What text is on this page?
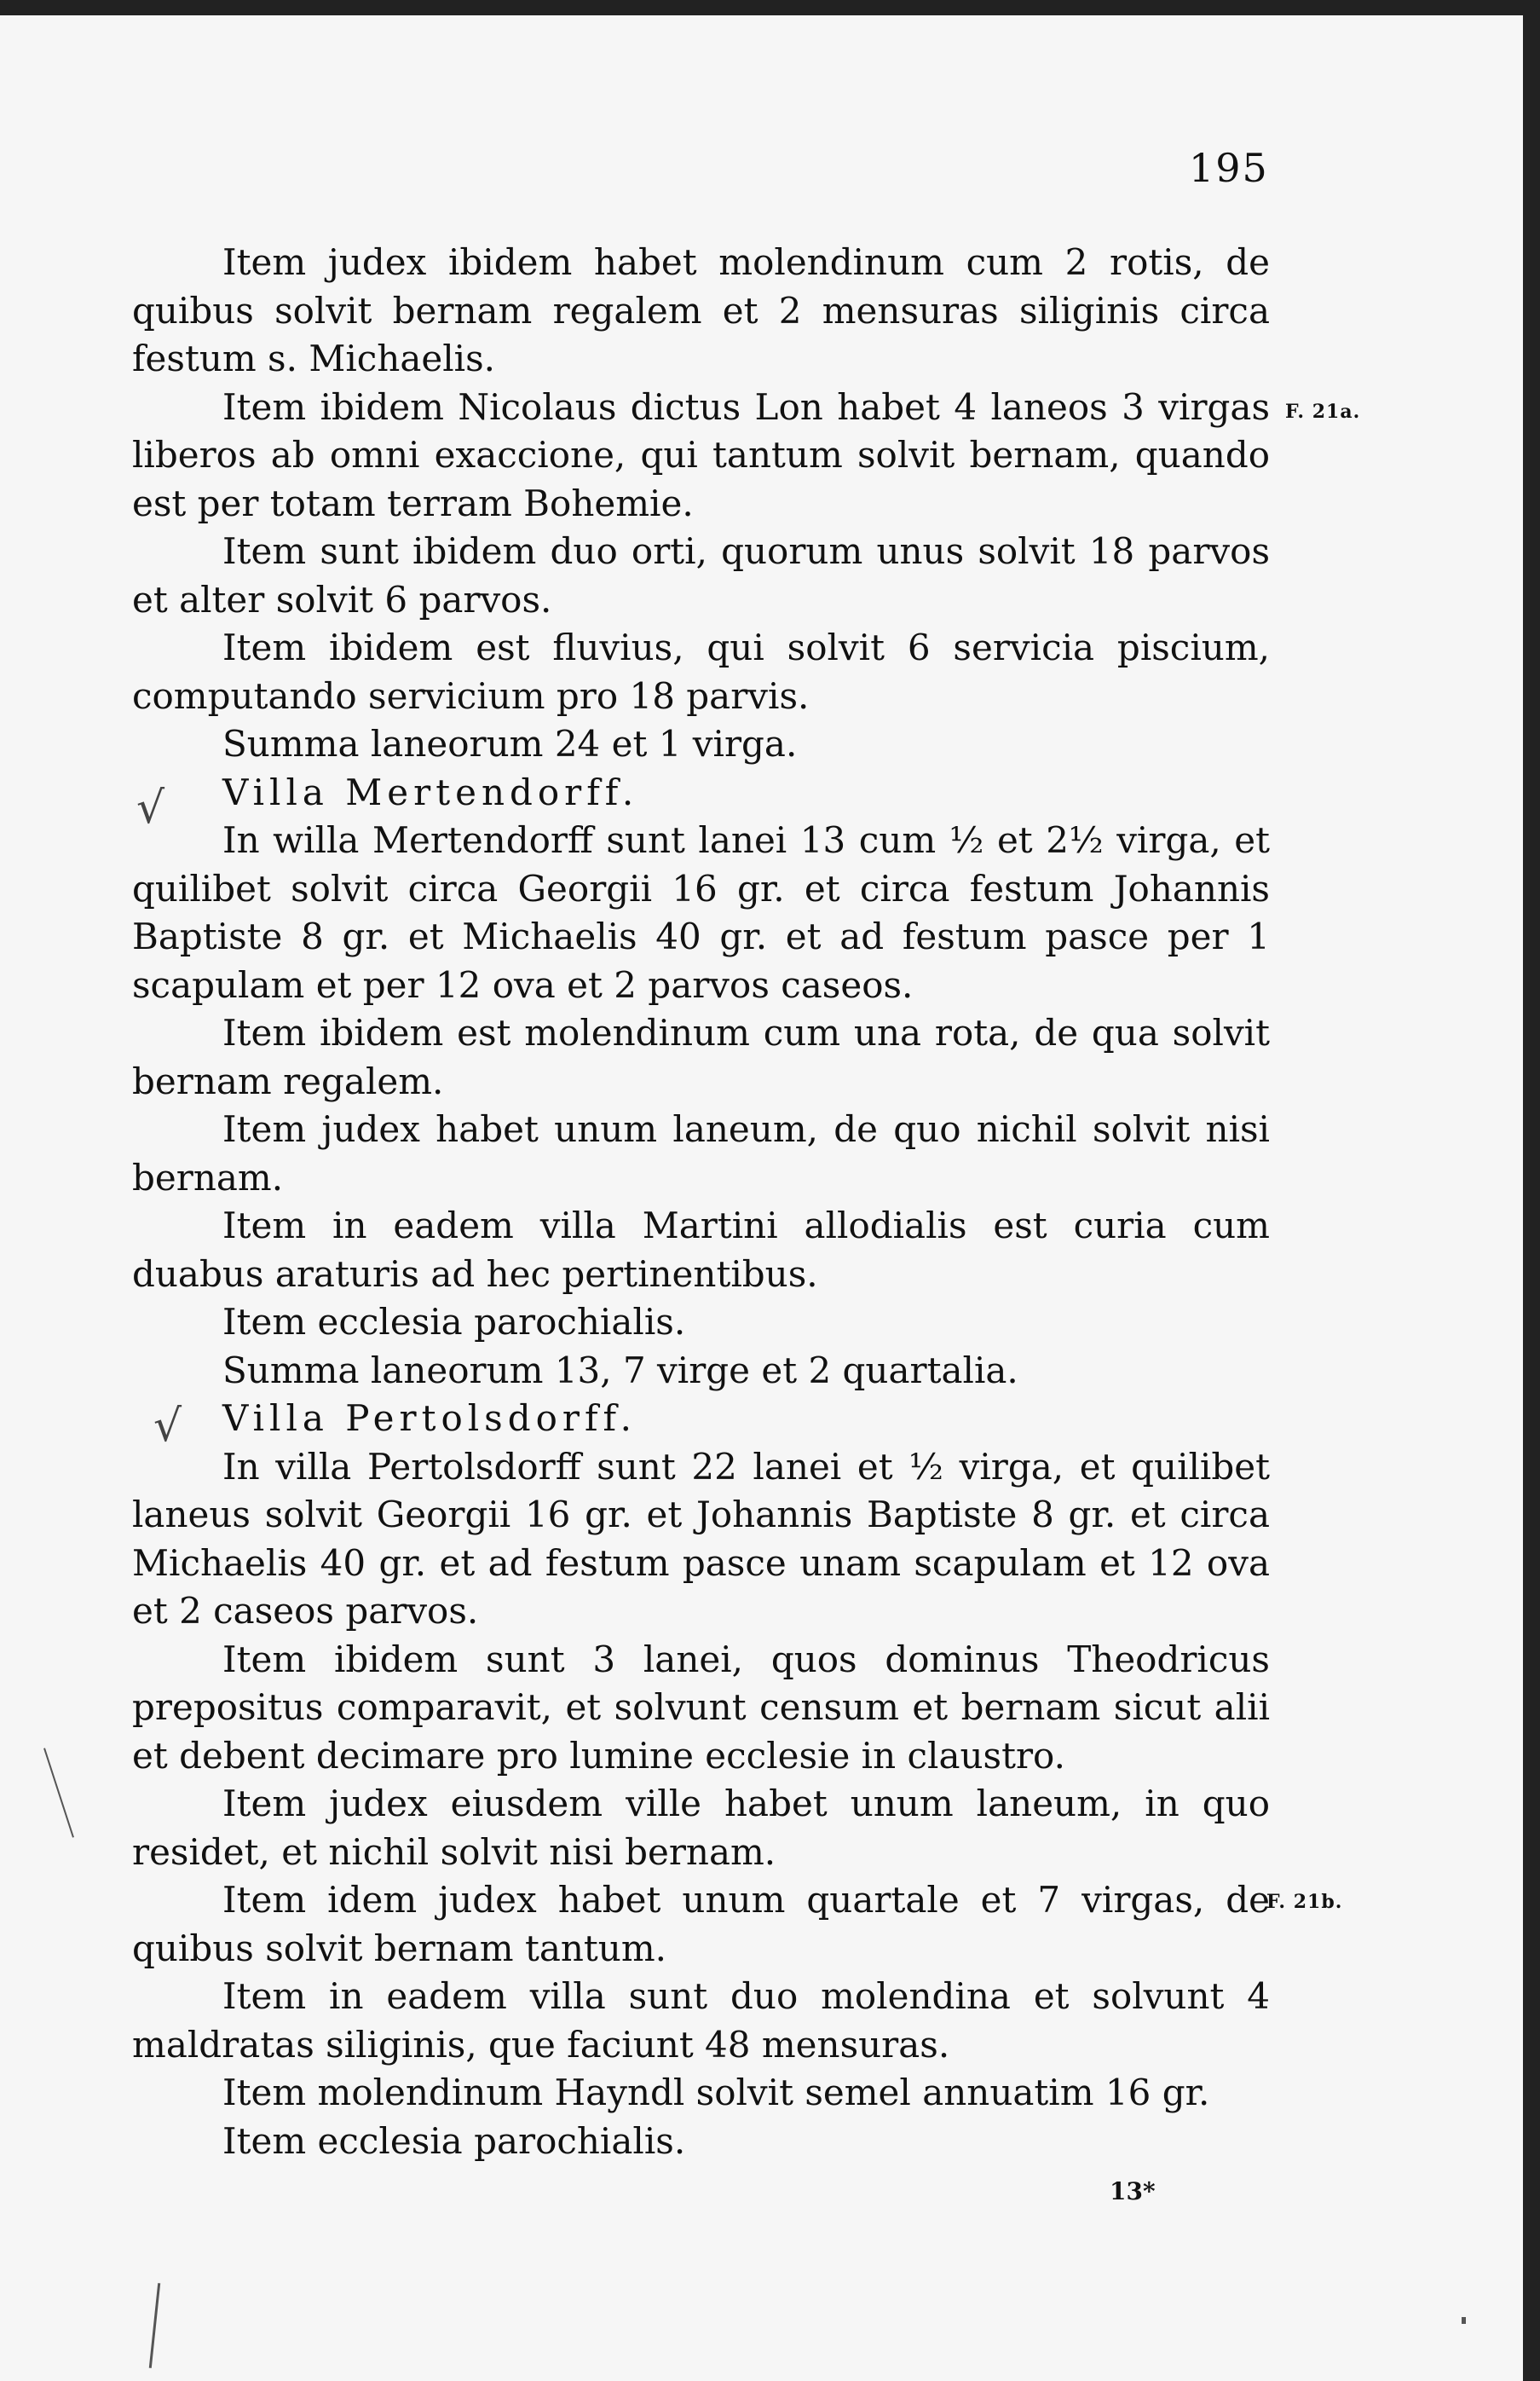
195

Item judex ibidem habet molendinum cum 2 rotis, de quibus solvit bernam regalem et 2 mensuras siliginis circa festum s. Michaelis.

Item ibidem Nicolaus dictus Lon habet 4 laneos 3 virgas liberos ab omni exaccione, qui tantum solvit bernam, quando est per totam terram Bohemie.

Item sunt ibidem duo orti, quorum unus solvit 18 parvos et alter solvit 6 parvos.

Item ibidem est fluvius, qui solvit 6 servicia piscium, computando servicium pro 18 parvis.

Summa laneorum 24 et 1 virga.

Villa Mertendorff.

In willa Mertendorff sunt lanei 13 cum ½ et 2½ virga, et quilibet solvit circa Georgii 16 gr. et circa festum Johannis Baptiste 8 gr. et Michaelis 40 gr. et ad festum pasce per 1 scapulam et per 12 ova et 2 parvos caseos.

Item ibidem est molendinum cum una rota, de qua solvit bernam regalem.

Item judex habet unum laneum, de quo nichil solvit nisi bernam.

Item in eadem villa Martini allodialis est curia cum duabus araturis ad hec pertinentibus.

Item ecclesia parochialis.

Summa laneorum 13, 7 virge et 2 quartalia.

Villa Pertolsdorff.

In villa Pertolsdorff sunt 22 lanei et ½ virga, et quilibet laneus solvit Georgii 16 gr. et Johannis Baptiste 8 gr. et circa Michaelis 40 gr. et ad festum pasce unam scapulam et 12 ova et 2 caseos parvos.

Item ibidem sunt 3 lanei, quos dominus Theodricus prepositus comparavit, et solvunt censum et bernam sicut alii et debent decimare pro lumine ecclesie in claustro.

Item judex eiusdem ville habet unum laneum, in quo residet, et nichil solvit nisi bernam.

Item idem judex habet unum quartale et 7 virgas, de quibus solvit bernam tantum.

Item in eadem villa sunt duo molendina et solvunt 4 maldratas siliginis, que faciunt 48 mensuras.

Item molendinum Hayndl solvit semel annuatim 16 gr.

Item ecclesia parochialis.

F. 21a.
F. 21b.
√
√
13*
